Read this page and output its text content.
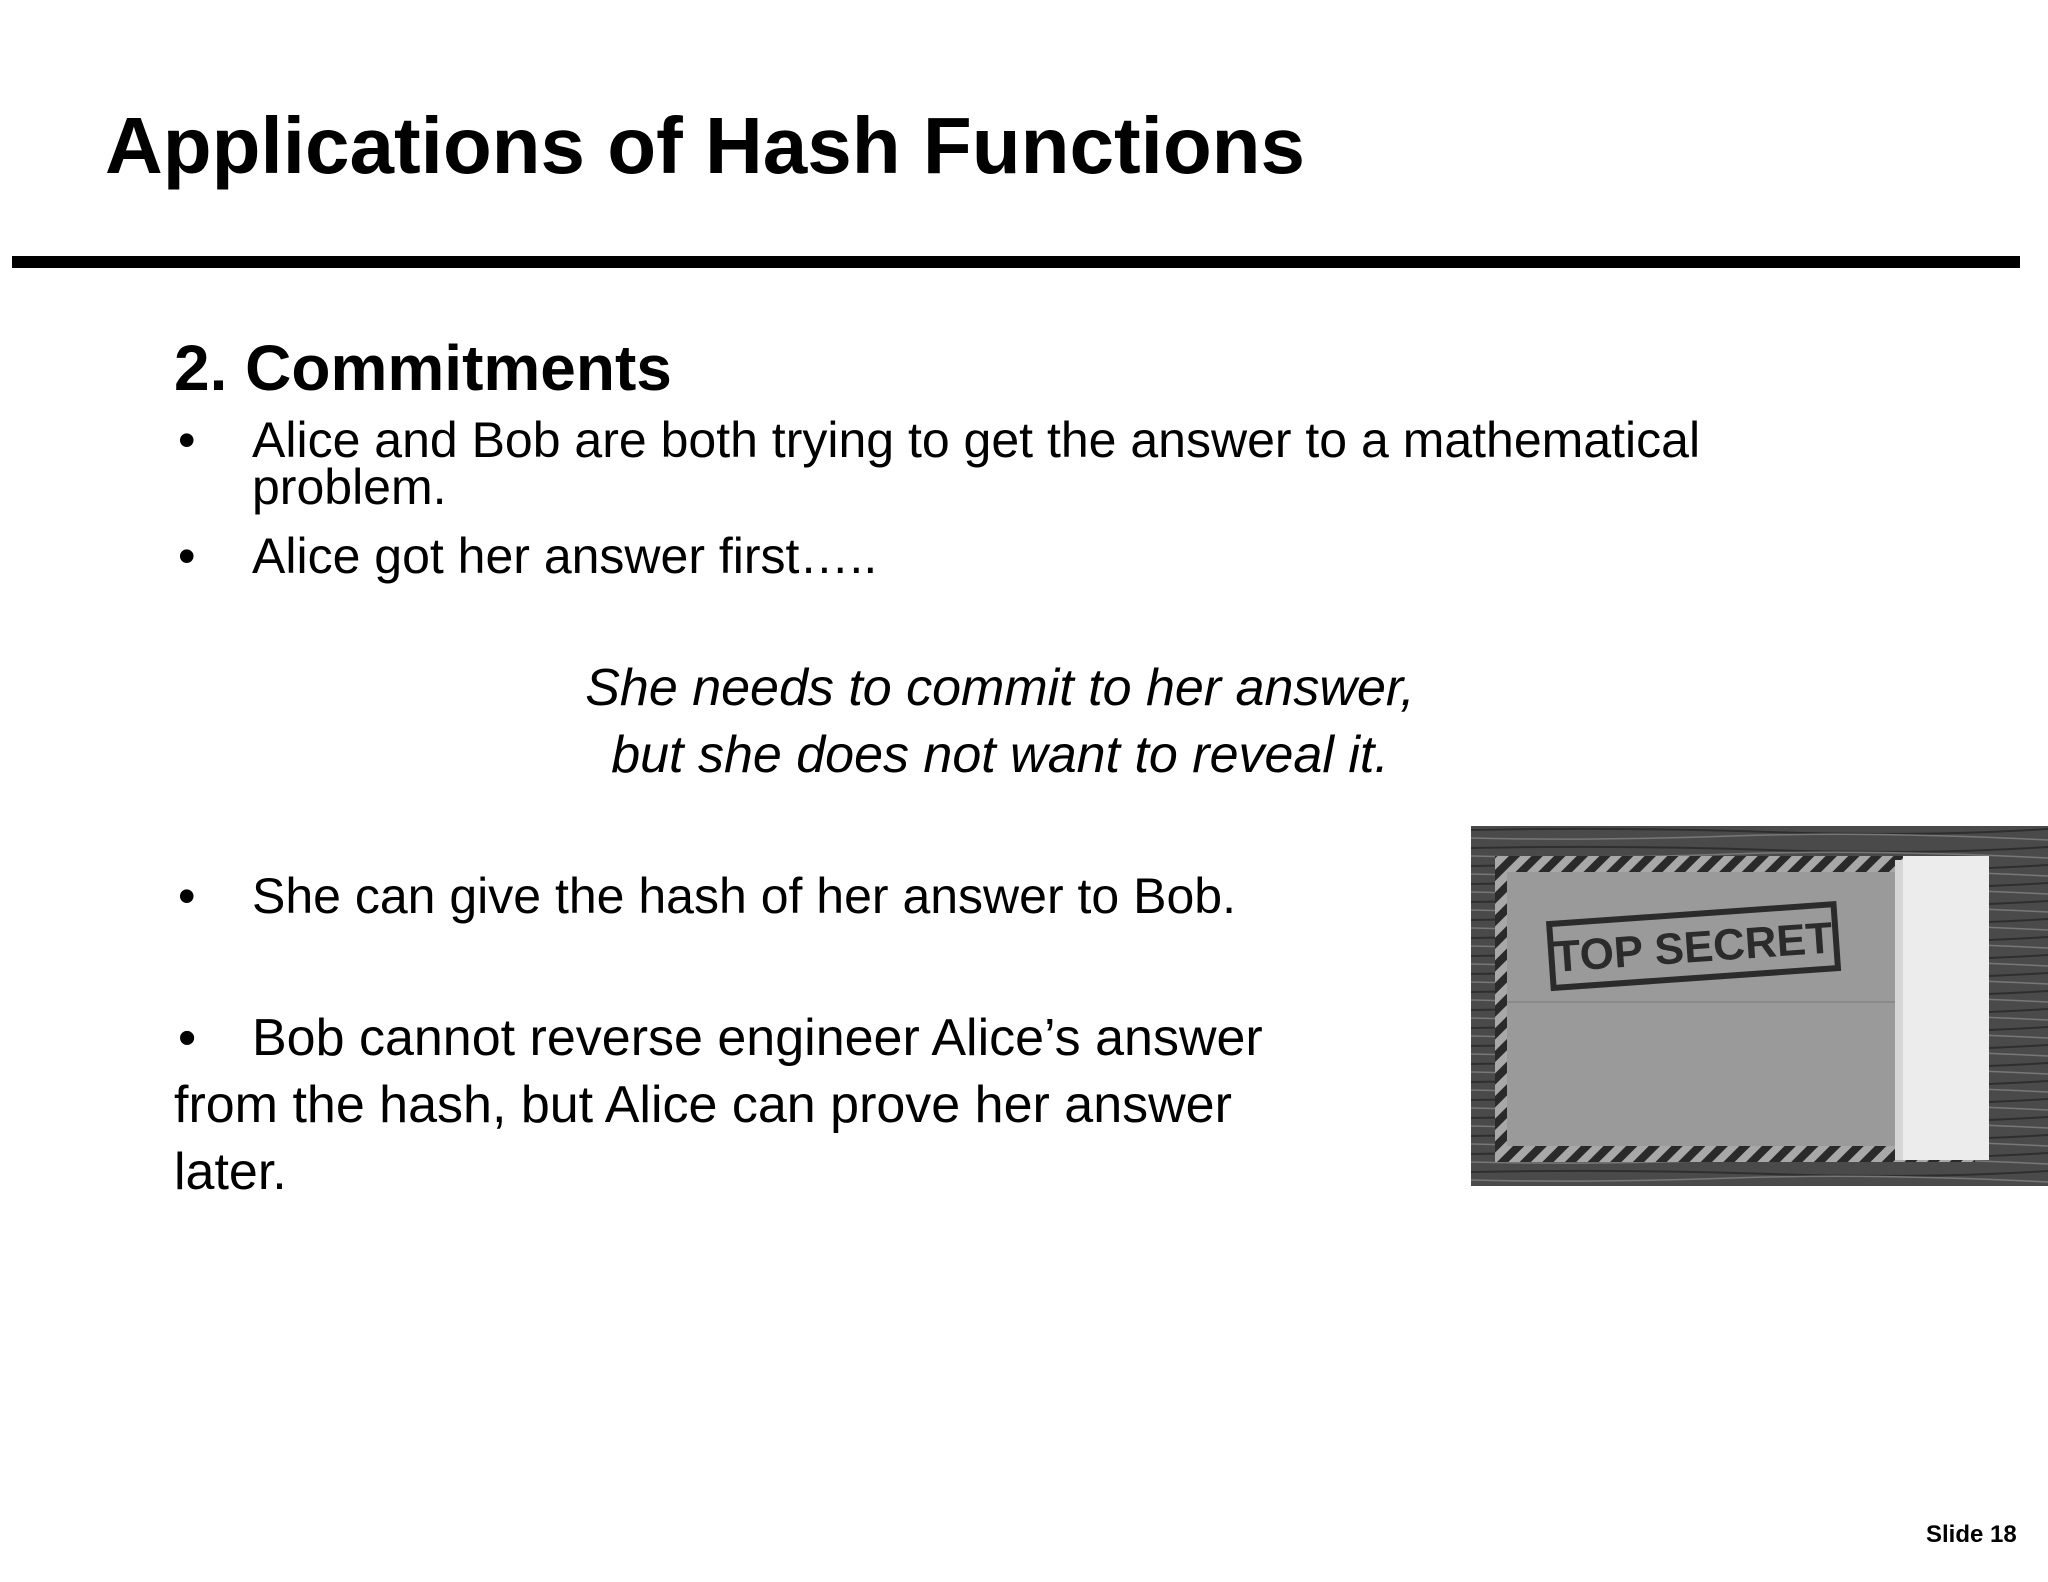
Applications of Hash Functions
2. Commitments
• Alice and Bob are both trying to get the answer to a mathematical
problem.
• Alice got her answer first…..
She needs to commit to her answer,
but she does not want to reveal it.
• She can give the hash of her answer to Bob.
•	Bob cannot reverse engineer Alice’s answer
from the hash, but Alice can prove her answer
later.
TOP SECRET
Slide 18
